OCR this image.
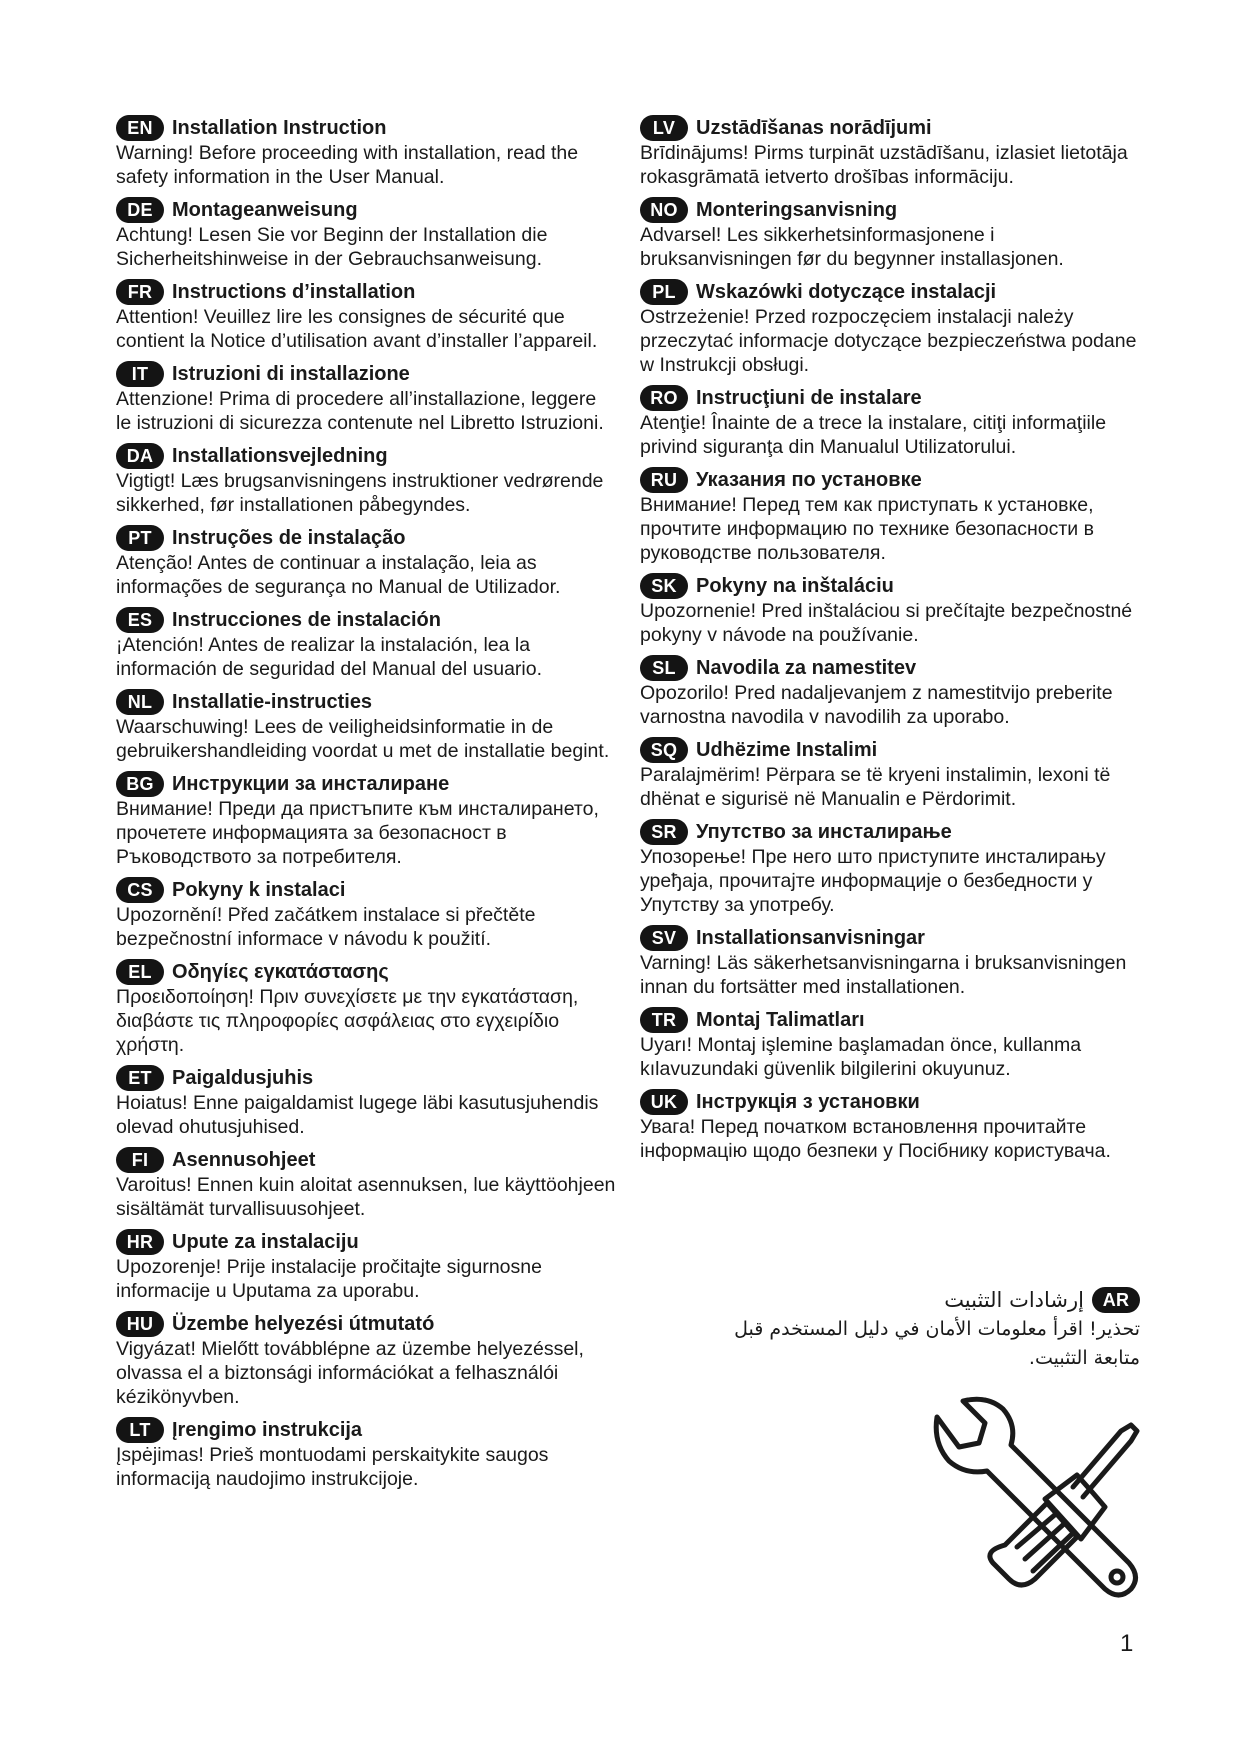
EN Installation Instruction
Warning! Before proceeding with installation, read the safety information in the User Manual.
DE Montageanweisung
Achtung! Lesen Sie vor Beginn der Installation die Sicherheitshinweise in der Gebrauchsanweisung.
FR Instructions d’installation
Attention! Veuillez lire les consignes de sécurité que contient la Notice d’utilisation avant d’installer l’appareil.
IT	Istruzioni di installazione
Attenzione! Prima di procedere all’installazione, leggere le istruzioni di sicurezza contenute nel Libretto Istruzioni.
DA Installationsvejledning
Vigtigt! Læs brugsanvisningens instruktioner vedrørende sikkerhed, før installationen påbegyndes.
PT	Instruções de instalação
Atenção! Antes de continuar a instalação, leia as informações de segurança no Manual de Utilizador.
ES Instrucciones de instalación
¡Atención! Antes de realizar la instalación, lea la información de seguridad del Manual del usuario.
NL Installatie-instructies
Waarschuwing! Lees de veiligheidsinformatie in de gebruikershandleiding voordat u met de installatie begint.
BG Инструкции за инсталиране
Внимание! Преди да пристъпите към инсталирането, прочетете информацията за безопасност в Ръководството за потребителя.
CS Pokyny k instalaci
Upozornění! Před začátkem instalace si přečtěte bezpečnostní informace v návodu k použití.
EL	Οδηγίες εγκατάστασης
Προειδοποίηση! Πριν συνεχίσετε με την εγκατάσταση, διαβάστε τις πληροφορίες ασφάλειας στο εγχειρίδιο χρήστη.
ET	Paigaldusjuhis
Hoiatus! Enne paigaldamist lugege läbi kasutusjuhendis olevad ohutusjuhised.
FI	Asennusohjeet
Varoitus! Ennen kuin aloitat asennuksen, lue käyttöohjeen sisältämät turvallisuusohjeet.
HR Upute za instalaciju
Upozorenje! Prije instalacije pročitajte sigurnosne informacije u Uputama za uporabu.
HU Üzembe helyezési útmutató
Vigyázat! Mielőtt továbblépne az üzembe helyezéssel, olvassa el a biztonsági információkat a felhasználói kézikönyvben.
LT	Įrengimo instrukcija
Įspėjimas! Prieš montuodami perskaitykite saugos informaciją naudojimo instrukcijoje.
LV	Uzstādīšanas norādījumi
Brīdinājums! Pirms turpināt uzstādīšanu, izlasiet lietotāja rokasgrāmatā ietverto drošības informāciju.
NO Monteringsanvisning
Advarsel! Les sikkerhetsinformasjonene i bruksanvisningen før du begynner installasjonen.
PL	Wskazówki dotyczące instalacji
Ostrzeżenie! Przed rozpoczęciem instalacji należy przeczytać informacje dotyczące bezpieczeństwa podane w Instrukcji obsługi.
RO Instrucţiuni de instalare
Atenţie! Înainte de a trece la instalare, citiţi informaţiile privind siguranţa din Manualul Utilizatorului.
RU Указания по установке
Внимание! Перед тем как приступать к установке, прочтите информацию по технике безопасности в руководстве пользователя.
SK Pokyny na inštaláciu
Upozornenie! Pred inštaláciou si prečítajte bezpečnostné pokyny v návode na používanie.
SL	Navodila za namestitev
Opozorilo! Pred nadaljevanjem z namestitvijo preberite varnostna navodila v navodilih za uporabo.
SQ Udhëzime Instalimi
Paralajmërim! Përpara se të kryeni instalimin, lexoni të dhënat e sigurisë në Manualin e Përdorimit.
SR Упутство за инсталирање
Упозорење! Пре него што приступите инсталирању уређаја, прочитајте информације о безбедности у Упутству за употребу.
SV Installationsanvisningar
Varning! Läs säkerhetsanvisningarna i bruksanvisningen innan du fortsätter med installationen.
TR Montaj Talimatları
Uyarı! Montaj işlemine başlamadan önce, kullanma kılavuzundaki güvenlik bilgilerini okuyunuz.
UK Інструкція з установки
Увага! Перед початком встановлення прочитайте інформацію щодо безпеки у Посібнику користувача.
AR
إرشادات التثبيت
تحذير! اقرأ معلومات الأمان في دليل المستخدم قبل متابعة التثبيت.
1
